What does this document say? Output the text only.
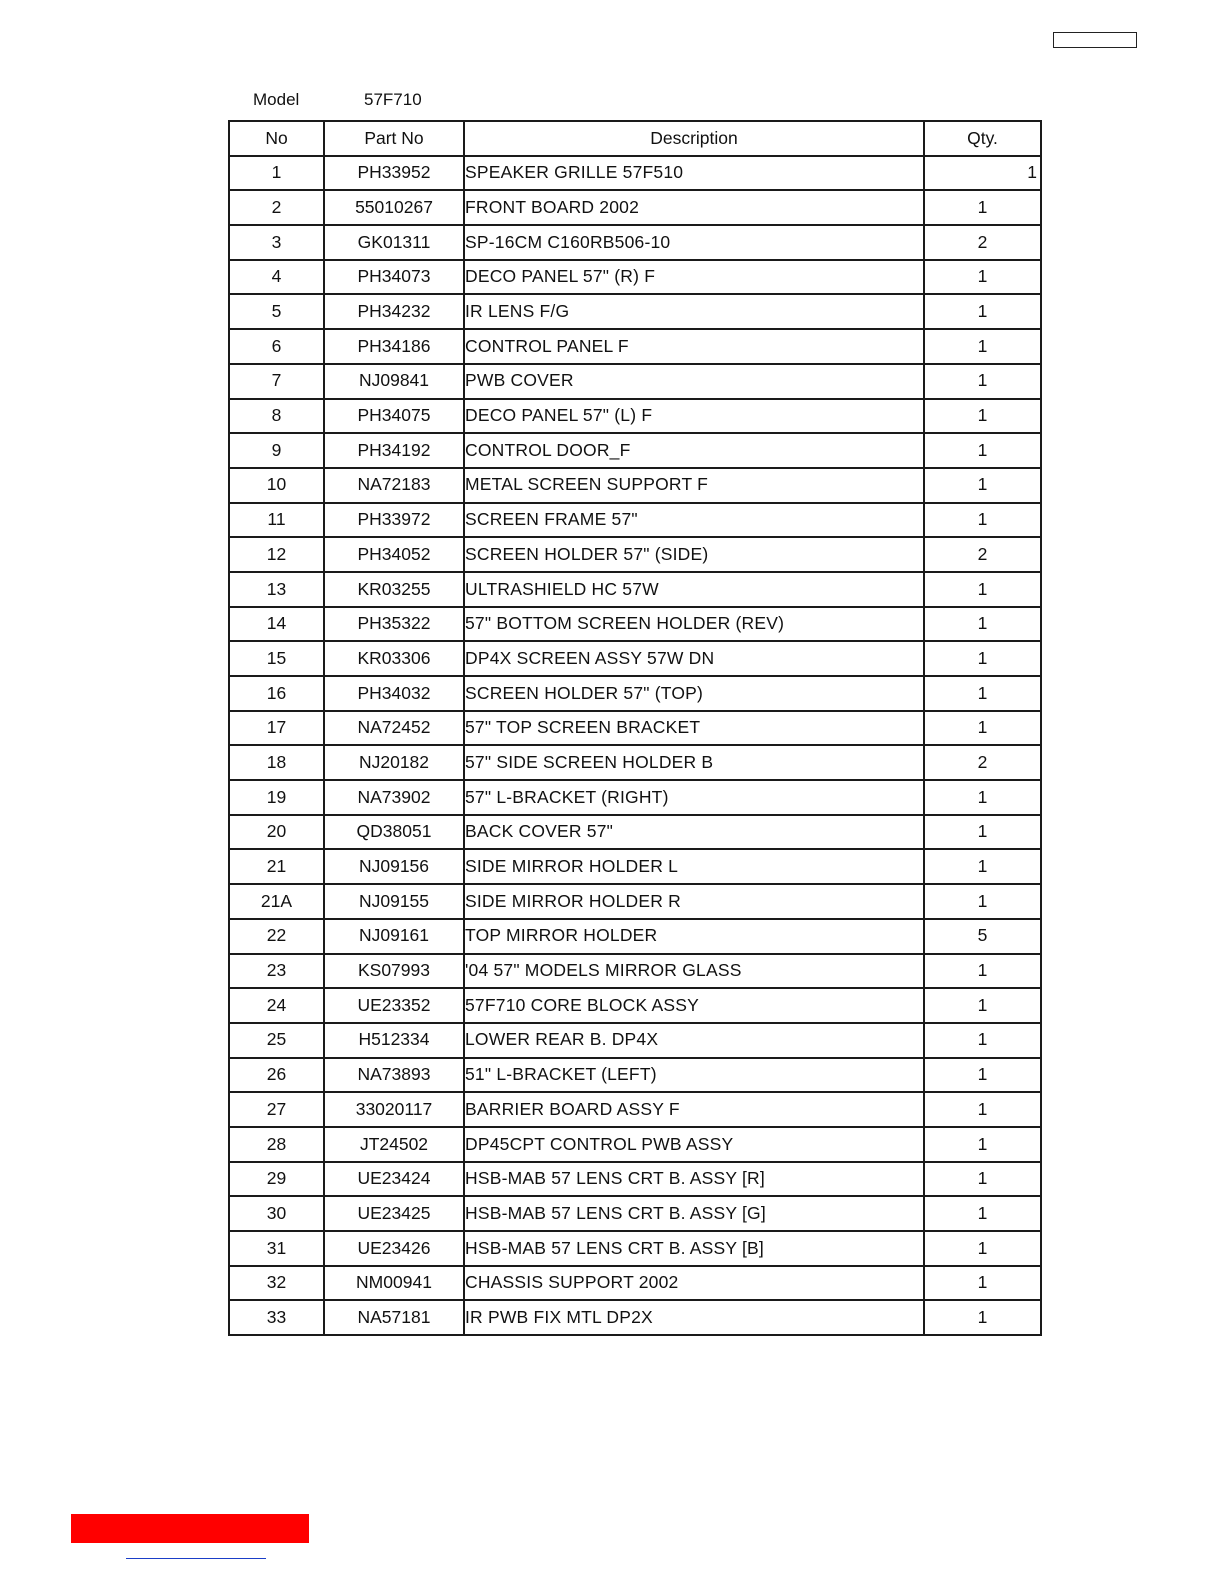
Model	57F710
No	Part No	Description	Qty.
1	PH33952	SPEAKER GRILLE 57F510	1
2	55010267	FRONT BOARD 2002	1
3	GK01311	SP-16CM C160RB506-10	2
4	PH34073	DECO PANEL 57" (R) F	1
5	PH34232	IR LENS F/G	1
6	PH34186	CONTROL PANEL F	1
7	NJ09841	PWB COVER	1
8	PH34075	DECO PANEL 57" (L) F	1
9	PH34192	CONTROL DOOR_F	1
10	NA72183	METAL SCREEN SUPPORT F	1
11	PH33972	SCREEN FRAME 57"	1
12	PH34052	SCREEN HOLDER 57" (SIDE)	2
13	KR03255	ULTRASHIELD HC 57W	1
14	PH35322	57" BOTTOM SCREEN HOLDER (REV)	1
15	KR03306	DP4X SCREEN ASSY 57W DN	1
16	PH34032	SCREEN HOLDER 57" (TOP)	1
17	NA72452	57" TOP SCREEN BRACKET	1
18	NJ20182	57" SIDE SCREEN HOLDER B	2
19	NA73902	57" L-BRACKET (RIGHT)	1
20	QD38051	BACK COVER 57"	1
21	NJ09156	SIDE MIRROR HOLDER L	1
21A	NJ09155	SIDE MIRROR HOLDER R	1
22	NJ09161	TOP MIRROR HOLDER	5
23	KS07993	'04 57" MODELS MIRROR GLASS	1
24	UE23352	57F710 CORE BLOCK ASSY	1
25	H512334	LOWER REAR B. DP4X	1
26	NA73893	51" L-BRACKET (LEFT)	1
27	33020117	BARRIER BOARD ASSY F	1
28	JT24502	DP45CPT CONTROL PWB ASSY	1
29	UE23424	HSB-MAB 57 LENS CRT B. ASSY [R]	1
30	UE23425	HSB-MAB 57 LENS CRT B. ASSY [G]	1
31	UE23426	HSB-MAB 57 LENS CRT B. ASSY [B]	1
32	NM00941	CHASSIS SUPPORT 2002	1
33	NA57181	IR PWB FIX MTL DP2X	1
